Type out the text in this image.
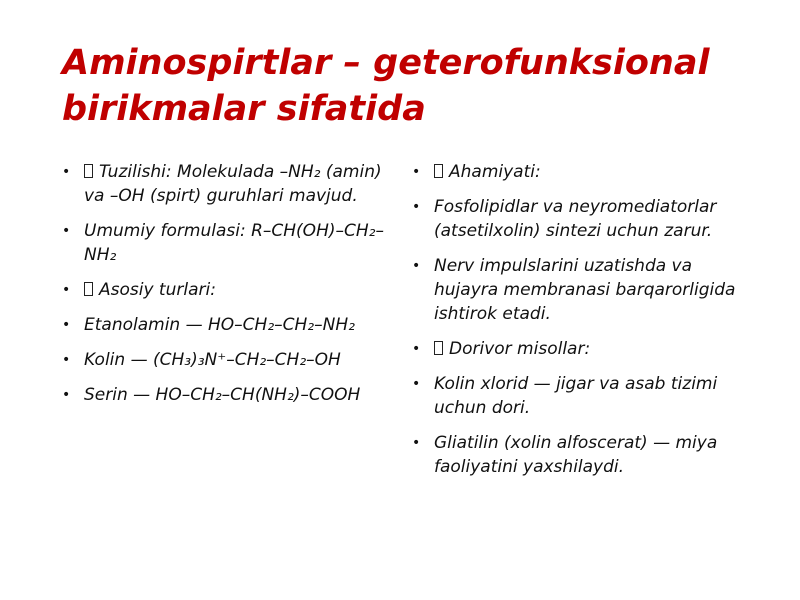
Aminospirtlar – geterofunksional birikmalar sifatida
• Tuzilishi: Molekulada –NH₂ (amin) va –OH (spirt) guruhlari mavjud.
• Umumiy formulasi: R–CH(OH)–CH₂–NH₂
• Asosiy turlari:
• Etanolamin — HO–CH₂–CH₂–NH₂
• Kolin — (CH₃)₃N⁺–CH₂–CH₂–OH
• Serin — HO–CH₂–CH(NH₂)–COOH
• Ahamiyati:
• Fosfolipidlar va neyromediatorlar (atsetilxolin) sintezi uchun zarur.
• Nerv impulslarini uzatishda va hujayra membranasi barqarorligida ishtirok etadi.
• Dorivor misollar:
• Kolin xlorid — jigar va asab tizimi uchun dori.
• Gliatilin (xolin alfoscerat) — miya faoliyatini yaxshilaydi.
